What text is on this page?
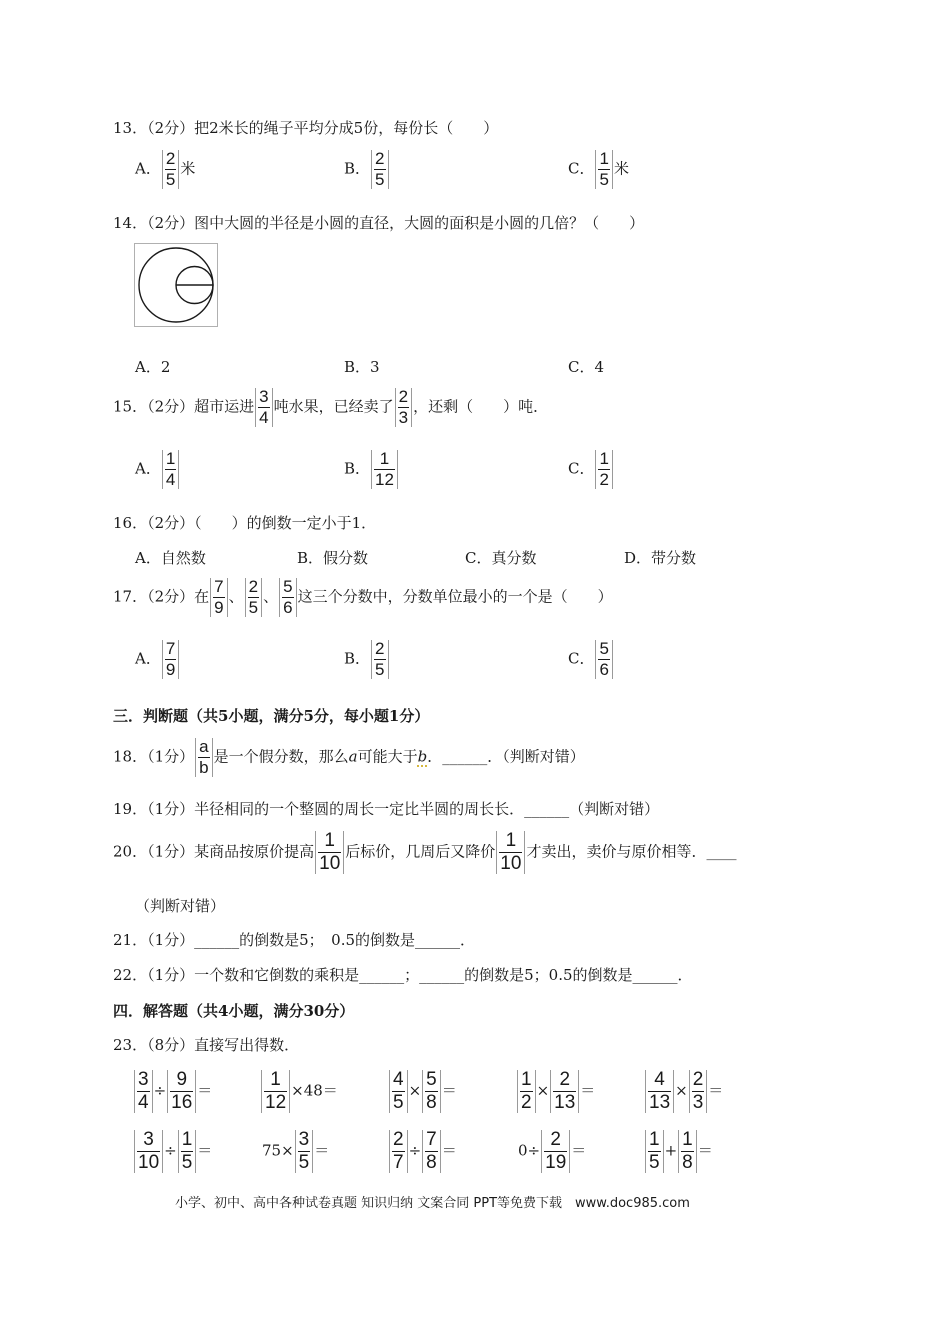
13．（2分）把2米长的绳子平均分成5份，每份长（　　）
A． $\frac{2}{5}$ 米	B． $\frac{2}{5}$	C． $\frac{1}{5}$ 米
14．（2分）图中大圆的半径是小圆的直径，大圆的面积是小圆的几倍？（　　）
A．2	B．3	C．4
15．（2分）超市运进 $\frac{3}{4}$ 吨水果，已经卖了 $\frac{2}{3}$ ，还剩（　　）吨．
A． $\frac{1}{4}$	B． $\frac{1}{12}$	C． $\frac{1}{2}$
16．（2分）（　　）的倒数一定小于1．
A．自然数	B．假分数	C．真分数	D．带分数
17．（2分）在 $\frac{7}{9}$ 、 $\frac{2}{5}$ 、 $\frac{5}{6}$ 这三个分数中，分数单位最小的一个是（　　）
A． $\frac{7}{9}$	B． $\frac{2}{5}$	C． $\frac{5}{6}$
三．判断题（共5小题，满分5分，每小题1分）
18．（1分） $\frac{a}{b}$ 是一个假分数，那么a可能大于b．______．（判断对错）
19．（1分）半径相同的一个整圆的周长一定比半圆的周长长．______（判断对错）
20．（1分）某商品按原价提高 $\frac{1}{10}$ 后标价，几周后又降价 $\frac{1}{10}$ 才卖出，卖价与原价相等．____
（判断对错）
21．（1分）______的倒数是5；　0.5的倒数是______．
22．（1分）一个数和它倒数的乘积是______；______的倒数是5；0.5的倒数是______．
四．解答题（共4小题，满分30分）
23．（8分）直接写出得数．
$\frac{3}{4} \div \frac{9}{16}$ ＝	$\frac{1}{12} \times 48=$	$\frac{4}{5} \times \frac{5}{8}$ ＝	$\frac{1}{2} \times \frac{2}{13}$ ＝	$\frac{4}{13} \times \frac{2}{3}$ ＝
$\frac{3}{10} \div \frac{1}{5}$ ＝	$75\times \frac{3}{5}$ ＝	$\frac{2}{7} \div \frac{7}{8}$ ＝	$0\div \frac{2}{19}$ ＝	$\frac{1}{5} + \frac{1}{8}$ ＝
小学、初中、高中各种试卷真题 知识归纳 文案合同 PPT等免费下载　www.doc985.com
